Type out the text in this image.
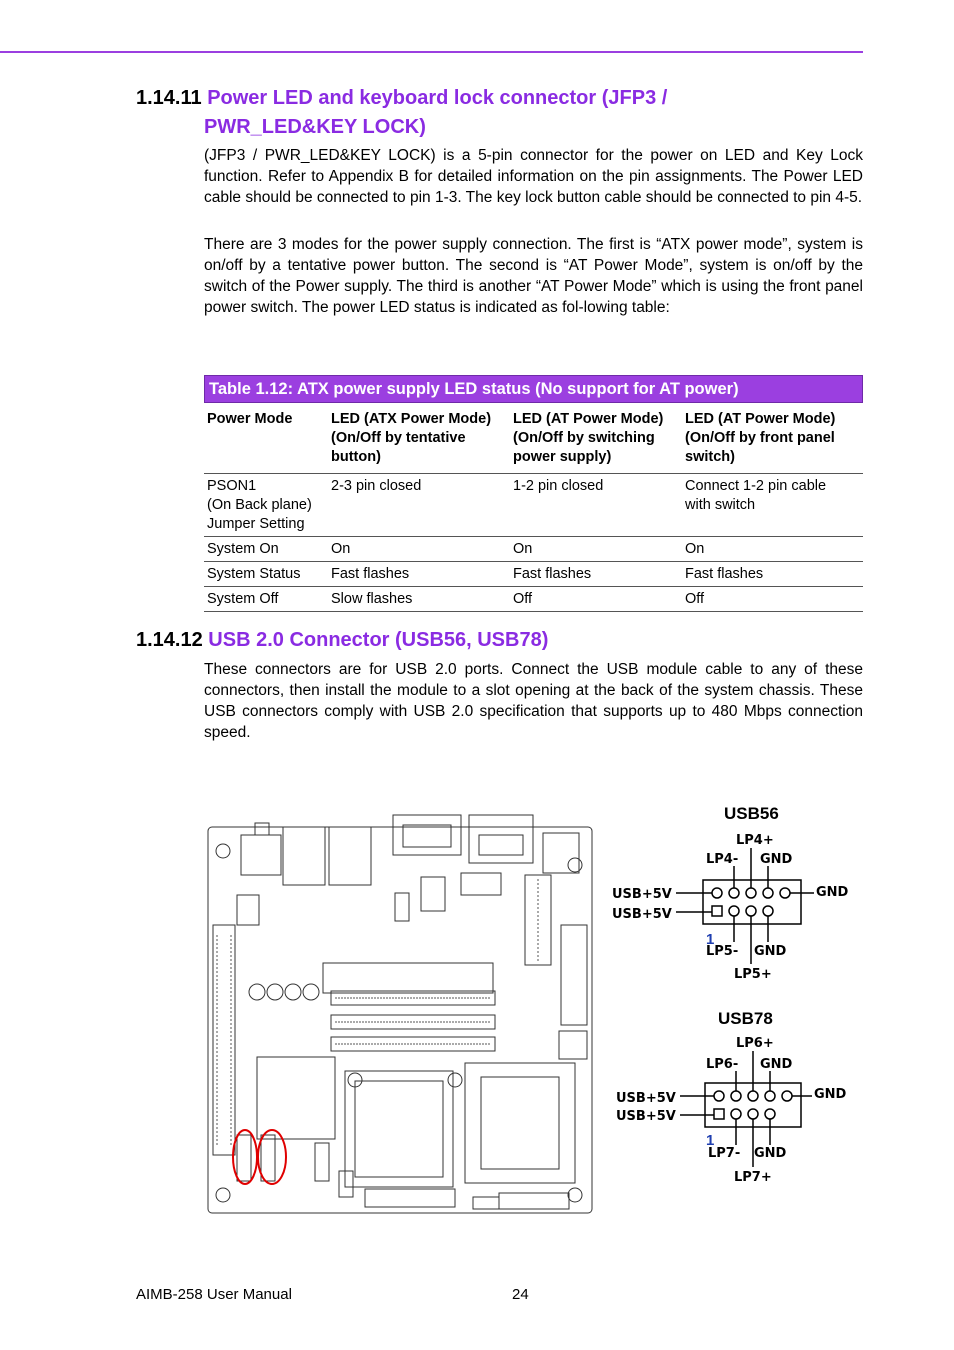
1.14.11 Power LED and keyboard lock connector (JFP3 /
PWR_LED&KEY LOCK)

(JFP3 / PWR_LED&KEY LOCK) is a 5-pin connector for the power on LED and Key Lock function. Refer to Appendix B for detailed information on the pin assignments. The Power LED cable should be connected to pin 1-3. The key lock button cable should be connected to pin 4-5.

There are 3 modes for the power supply connection. The first is “ATX power mode”, system is on/off by a tentative power button. The second is “AT Power Mode”, system is on/off by the switch of the Power supply. The third is another “AT Power Mode” which is using the front panel power switch. The power LED status is indicated as fol-lowing table:

Table 1.12: ATX power supply LED status (No support for AT power)
Power Mode	LED (ATX Power Mode)
(On/Off by tentative
button)	LED (AT Power Mode)
(On/Off by switching
power supply)	LED (AT Power Mode)
(On/Off by front panel
switch)
PSON1
(On Back plane)
Jumper Setting	2-3 pin closed	1-2 pin closed	Connect 1-2 pin cable
with switch
System On	On	On	On
System Status	Fast flashes	Fast flashes	Fast flashes
System Off	Slow flashes	Off	Off
1.14.12 USB 2.0 Connector (USB56, USB78)

These connectors are for USB 2.0 ports. Connect the USB module cable to any of these connectors, then install the module to a slot opening at the back of the system chassis. These USB connectors comply with USB 2.0 specification that supports up to 480 Mbps connection speed.

USB56
LP4+
LP4- GND
GND
USB+5V
USB+5V
LP5- GND
LP5+
1
USB78
LP6+
LP6- GND
GND
USB+5V
USB+5V
LP7- GND
LP7+
1
AIMB-258 User Manual	24
